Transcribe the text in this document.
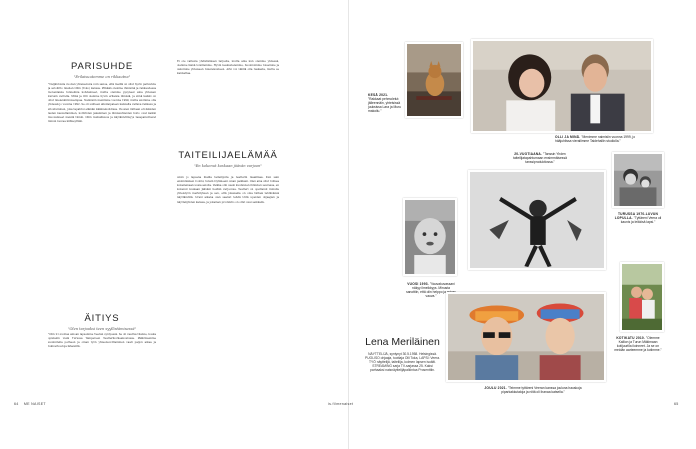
PARISUHDE
"Erilaisuutemme on rikkautna"

"Neljäntoista vuoden yhteiselosta voin sanoa, että meillä on ollut hyvin parisuhde ja avioliitto miehen Ollin (Toko) kanssa. Pitkään olemme ihmisinä ja rakkaudessa monenlaisia tunnelmia kohdanneet, mutta olemme pysyneet aina yhteisen kurssin varrella. Minä ja Olli olemme hyvin erilaisia ihmisiä, ja siinä kaikki on ollut mielenkiintoisempaa. Naimisiin menimme vuonna 1999, mutta aloimme olla yhdessä jo vuonna 1992. Se oli suhteen alkutaipaleen kannalta valtava rakkaus ja sitoutuminen, joka tapahtui elämän käännekohdissa. Vuosien mittaan eri-ikäisten lasten kasvattaminen, kotitöiden jakaminen ja ihmissuhteiden hoito ovat kaikki muovanneet meistä tiimin. Ollin rauhallisuus ja käytännöllisyys tasapainottavat minun luovaa kiihkeyttäni.

ÄITIYS
"Olen tarjoaksi teen syyllistämisessä"

"Olin 21-vuotias ainoan lapsemme Veeran syntyessä. Se oli vaativa tilanne, koska opiskelin vielä Turussa Tampereen Teatterikorkeakoulussa. Päätöksemme suunnitella perheen ja oman työn yhteensovittaminen vaati paljon aikaa ja tukiverkostoja läheisiltä.

Ei ole valtavia yhdistämisen tarpeita, mutta aina kun olemme yhdessä, olemme läsnä toisillemme. Hyvin keskustelemme, huomioimme toisemme ja uskomme yhteiseen tulevaisuuteen. Arki voi välillä olla raskasta, mutta se kannattaa.

TAITEILIJAELÄMÄÄ
"En kokenut koskaan jäävän varjoon"

Aloin jo lapsena ihailla taiteilijoita ja teatterin maailmaa. Kun sain ensimmäisen roolini, tunsin löytäneeni oman paikkani. Olen aina ollut rohkea kokeilemaan uusia asioita. Vaikka olin usein kuuluisien ihmisten seurassa, en kokenut koskaan jääväni heidän varjoonsa. Teatteri on opettanut minulle yhteistyön merkityksen ja sen, että jokaisella on oma tärkeä tehtävänsä näyttämöllä. Urani aikana olen saanut tehdä töitä upeiden ohjaajien ja näyttelijöiden kanssa, ja jokainen produktio on ollut uusi seikkailu.

64 ME NAISET
KESÄ 2021. "Rakkaat pehmolelut: jälleennäin, yhteisissä juuksissa Lara ja Muru makoilu."
OLLI JA MINÄ. "Menimme naimisiin vuonna 1999, jo hääjuhlissa vierailimme Taidehallin studiolla."
VUOSI 1993. "Vauvakuvassani näkyy ilmeikkyys. Minusta sanottiin, että olin helppo ja reipas vauva."
20-VUOTIAANA. "Tanssin Yhden taiteilijatapahtumaan ensimmäisessä tanssiproduktiossa."
TURUSSA 1970-LUVUN LOPULLA. "Tyttäreni Veera oli kaunis ja leikkisä lapsi."
KOTIKATU 2010. "Olemme Kallion ja Turun Mäkimaan kotijuurilla iloinneet. Ja se on meidän aarteemme ja kotimme."
JOULU 2021. "Teimme tyttäreni Veeran kanssa jouluna hauskoja piparkakkutaloja ja niitä oli ihanaa katsella."
Lena Meriläinen
NÄYTTELIJÄ, syntynyt 30.5.1958. Helsingissä. PUOLISO ohjaaja, tuottaja Olli Toka, LAPSI: Veera. TYÖ näyttelijä, taiteilija, kolmen lapsen isoäiti. STREAMING sarja TV-sarjassa 25. Kaksi parhaaksi naisnäyttelijäpalkintoa Prosenttiin.
is.fi/menaiset	65
